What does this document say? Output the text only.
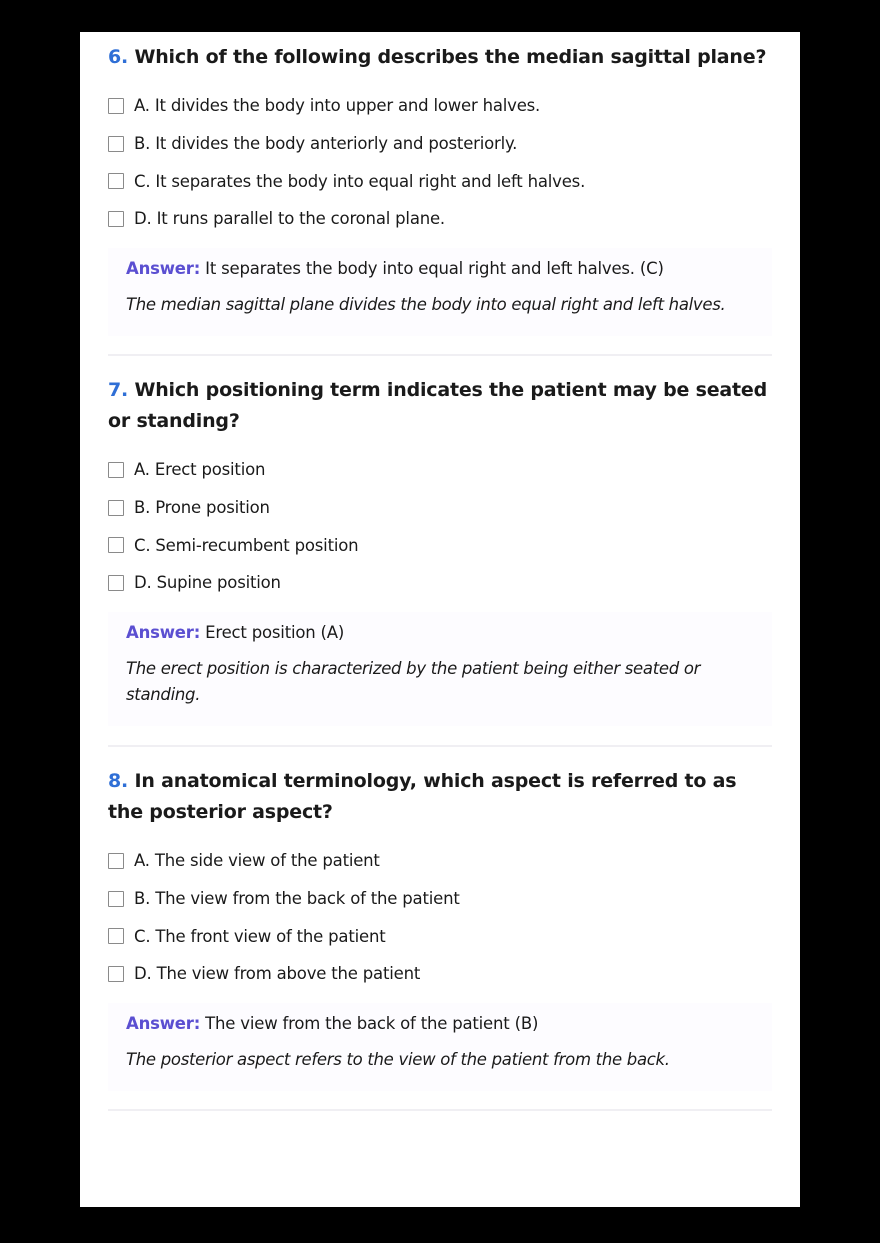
6. Which of the following describes the median sagittal plane?
A. It divides the body into upper and lower halves.
B. It divides the body anteriorly and posteriorly.
C. It separates the body into equal right and left halves.
D. It runs parallel to the coronal plane.
Answer: It separates the body into equal right and left halves. (C)
The median sagittal plane divides the body into equal right and left halves.
7. Which positioning term indicates the patient may be seated or standing?
A. Erect position
B. Prone position
C. Semi-recumbent position
D. Supine position
Answer: Erect position (A)
The erect position is characterized by the patient being either seated or standing.
8. In anatomical terminology, which aspect is referred to as the posterior aspect?
A. The side view of the patient
B. The view from the back of the patient
C. The front view of the patient
D. The view from above the patient
Answer: The view from the back of the patient (B)
The posterior aspect refers to the view of the patient from the back.
